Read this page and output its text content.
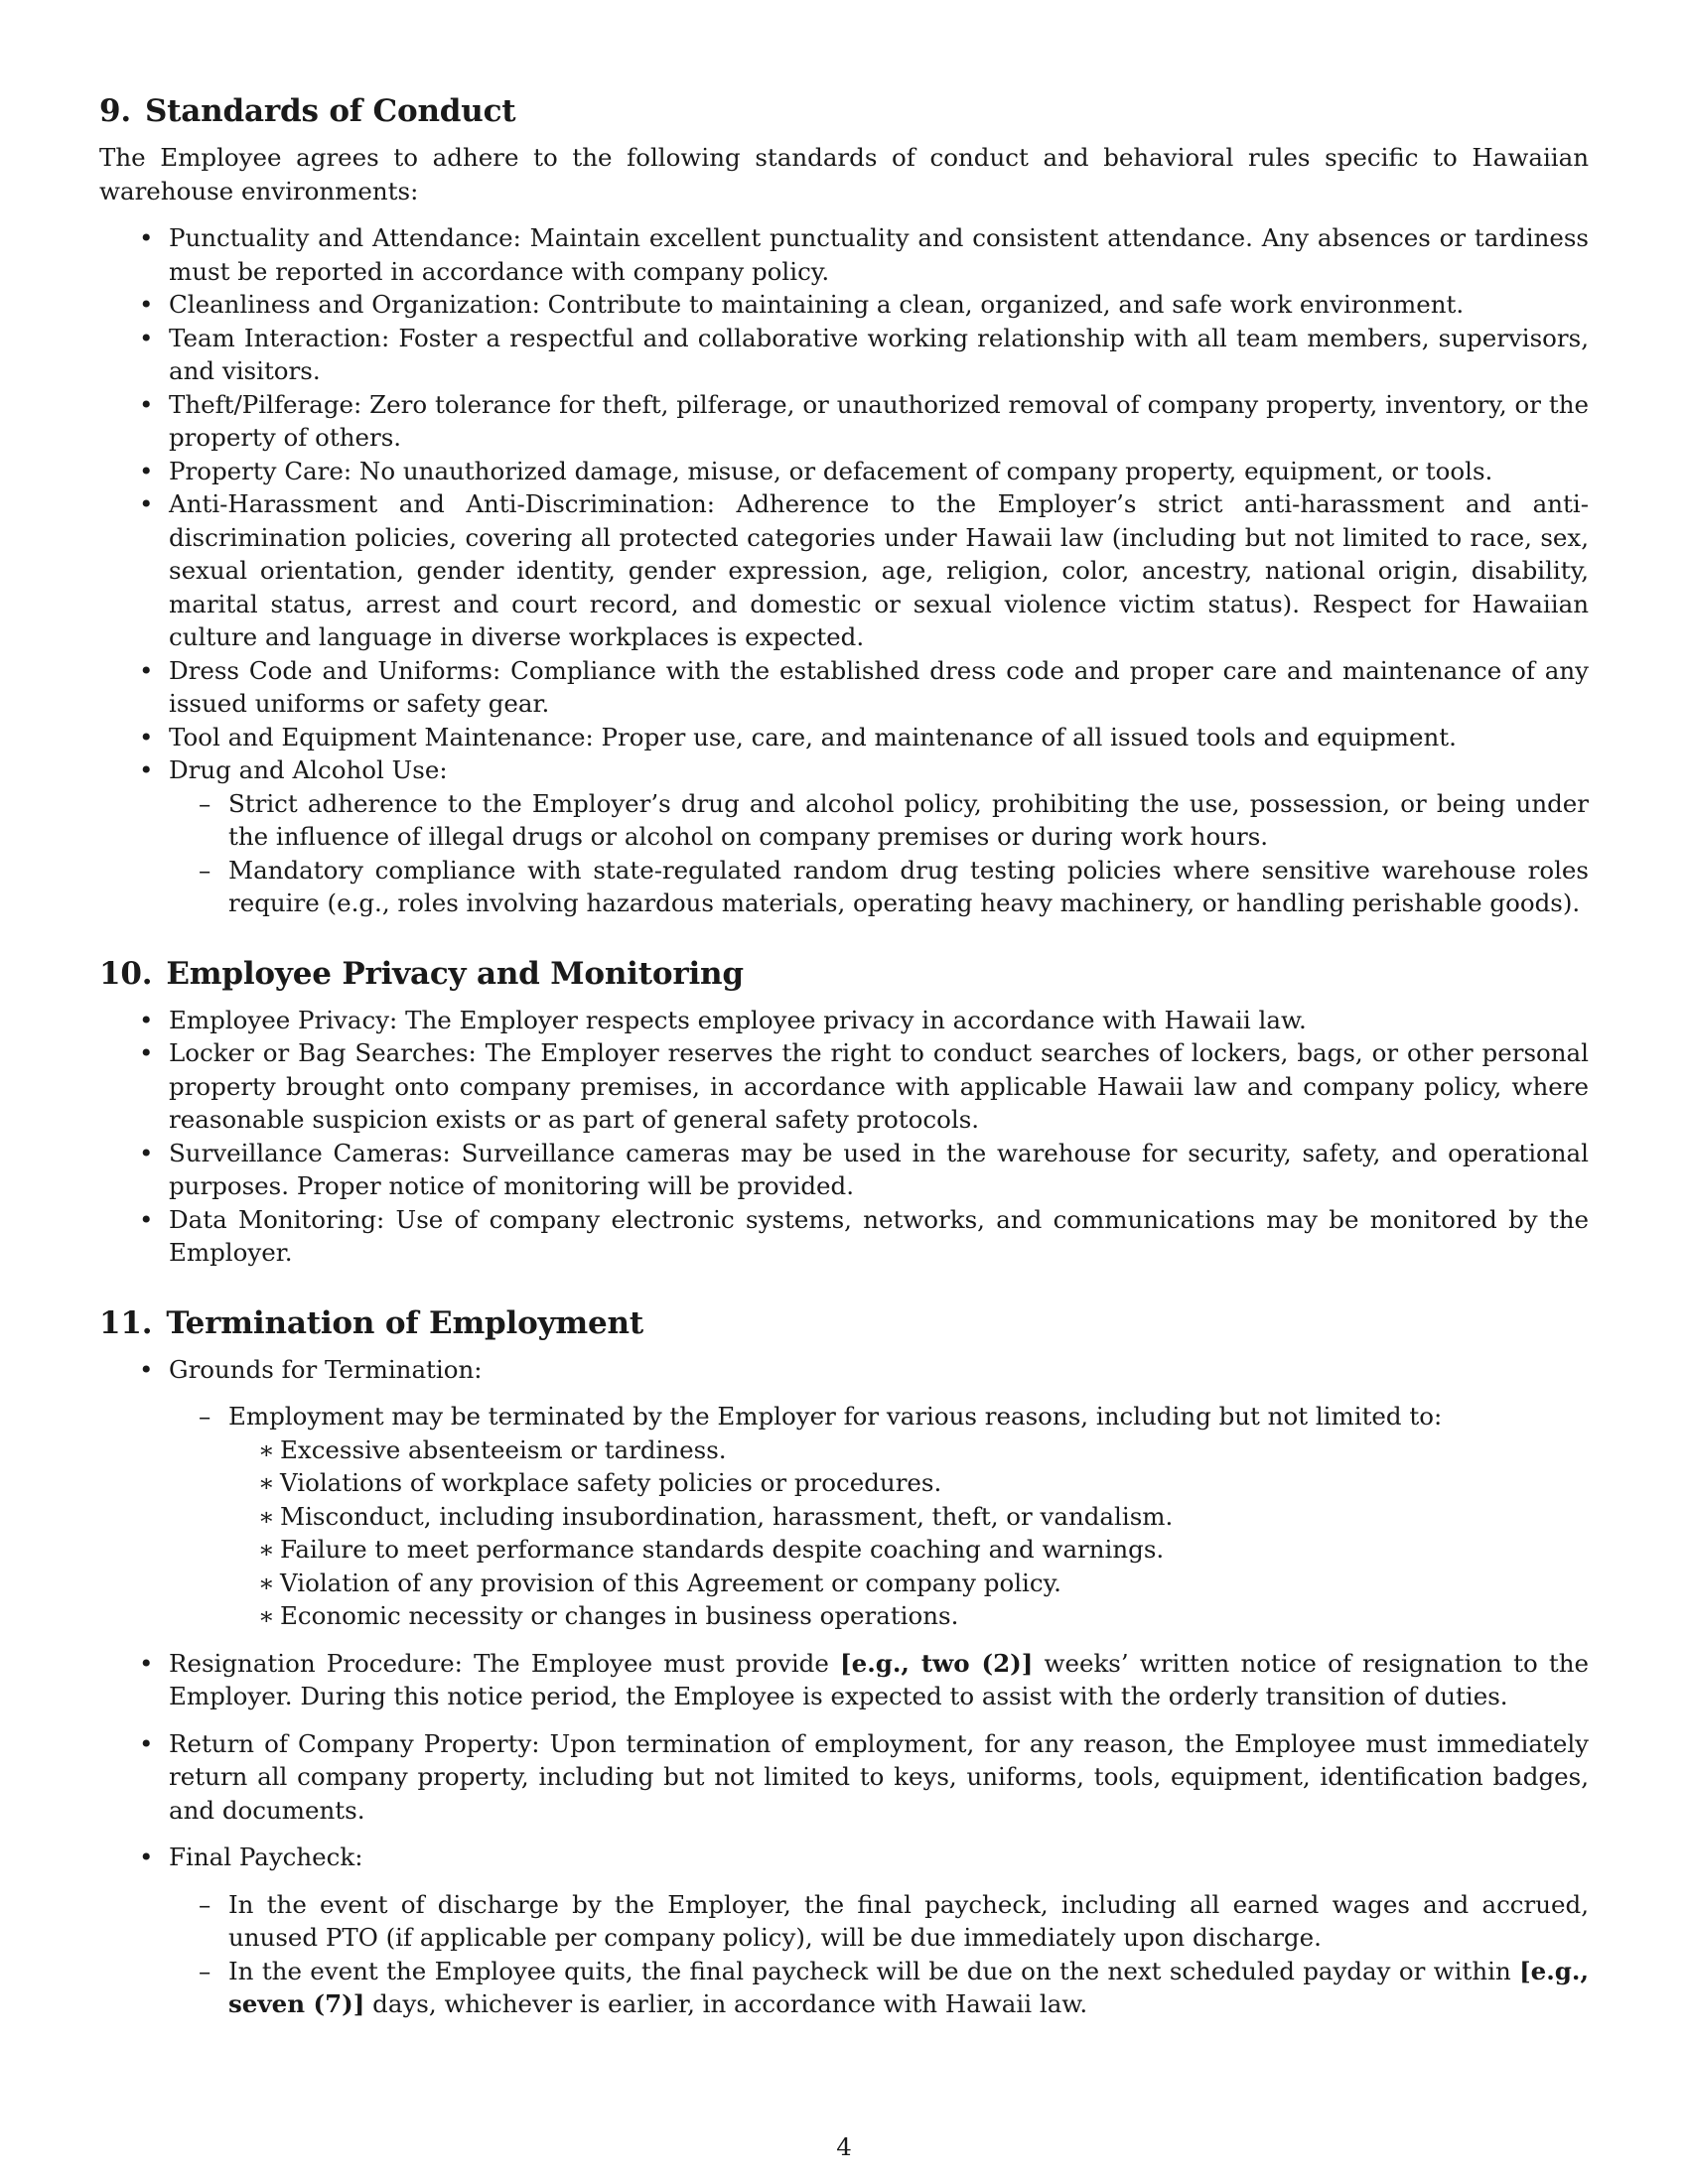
9. Standards of Conduct

The Employee agrees to adhere to the following standards of conduct and behavioral rules specific to Hawaiian warehouse environments:

• Punctuality and Attendance: Maintain excellent punctuality and consistent attendance. Any absences or tardiness must be reported in accordance with company policy.
• Cleanliness and Organization: Contribute to maintaining a clean, organized, and safe work environment.
• Team Interaction: Foster a respectful and collaborative working relationship with all team members, supervisors, and visitors.
• Theft/Pilferage: Zero tolerance for theft, pilferage, or unauthorized removal of company property, inventory, or the property of others.
• Property Care: No unauthorized damage, misuse, or defacement of company property, equipment, or tools.
• Anti-Harassment and Anti-Discrimination: Adherence to the Employer’s strict anti-harassment and anti-discrimination policies, covering all protected categories under Hawaii law (including but not limited to race, sex, sexual orientation, gender identity, gender expression, age, religion, color, ancestry, national origin, disability, marital status, arrest and court record, and domestic or sexual violence victim status). Respect for Hawaiian culture and language in diverse workplaces is expected.
• Dress Code and Uniforms: Compliance with the established dress code and proper care and maintenance of any issued uniforms or safety gear.
• Tool and Equipment Maintenance: Proper use, care, and maintenance of all issued tools and equipment.
• Drug and Alcohol Use:
– Strict adherence to the Employer’s drug and alcohol policy, prohibiting the use, possession, or being under the influence of illegal drugs or alcohol on company premises or during work hours.
– Mandatory compliance with state-regulated random drug testing policies where sensitive warehouse roles require (e.g., roles involving hazardous materials, operating heavy machinery, or handling perishable goods).
10. Employee Privacy and Monitoring
• Employee Privacy: The Employer respects employee privacy in accordance with Hawaii law.
• Locker or Bag Searches: The Employer reserves the right to conduct searches of lockers, bags, or other personal property brought onto company premises, in accordance with applicable Hawaii law and company policy, where reasonable suspicion exists or as part of general safety protocols.
• Surveillance Cameras: Surveillance cameras may be used in the warehouse for security, safety, and operational purposes. Proper notice of monitoring will be provided.
• Data Monitoring: Use of company electronic systems, networks, and communications may be monitored by the Employer.
11. Termination of Employment
• Grounds for Termination:
– Employment may be terminated by the Employer for various reasons, including but not limited to:
∗ Excessive absenteeism or tardiness.
∗ Violations of workplace safety policies or procedures.
∗ Misconduct, including insubordination, harassment, theft, or vandalism.
∗ Failure to meet performance standards despite coaching and warnings.
∗ Violation of any provision of this Agreement or company policy.
∗ Economic necessity or changes in business operations.
• Resignation Procedure: The Employee must provide [e.g., two (2)] weeks’ written notice of resignation to the Employer. During this notice period, the Employee is expected to assist with the orderly transition of duties.
• Return of Company Property: Upon termination of employment, for any reason, the Employee must immediately return all company property, including but not limited to keys, uniforms, tools, equipment, identification badges, and documents.
• Final Paycheck:
– In the event of discharge by the Employer, the final paycheck, including all earned wages and accrued, unused PTO (if applicable per company policy), will be due immediately upon discharge.
– In the event the Employee quits, the final paycheck will be due on the next scheduled payday or within [e.g., seven (7)] days, whichever is earlier, in accordance with Hawaii law.
4
